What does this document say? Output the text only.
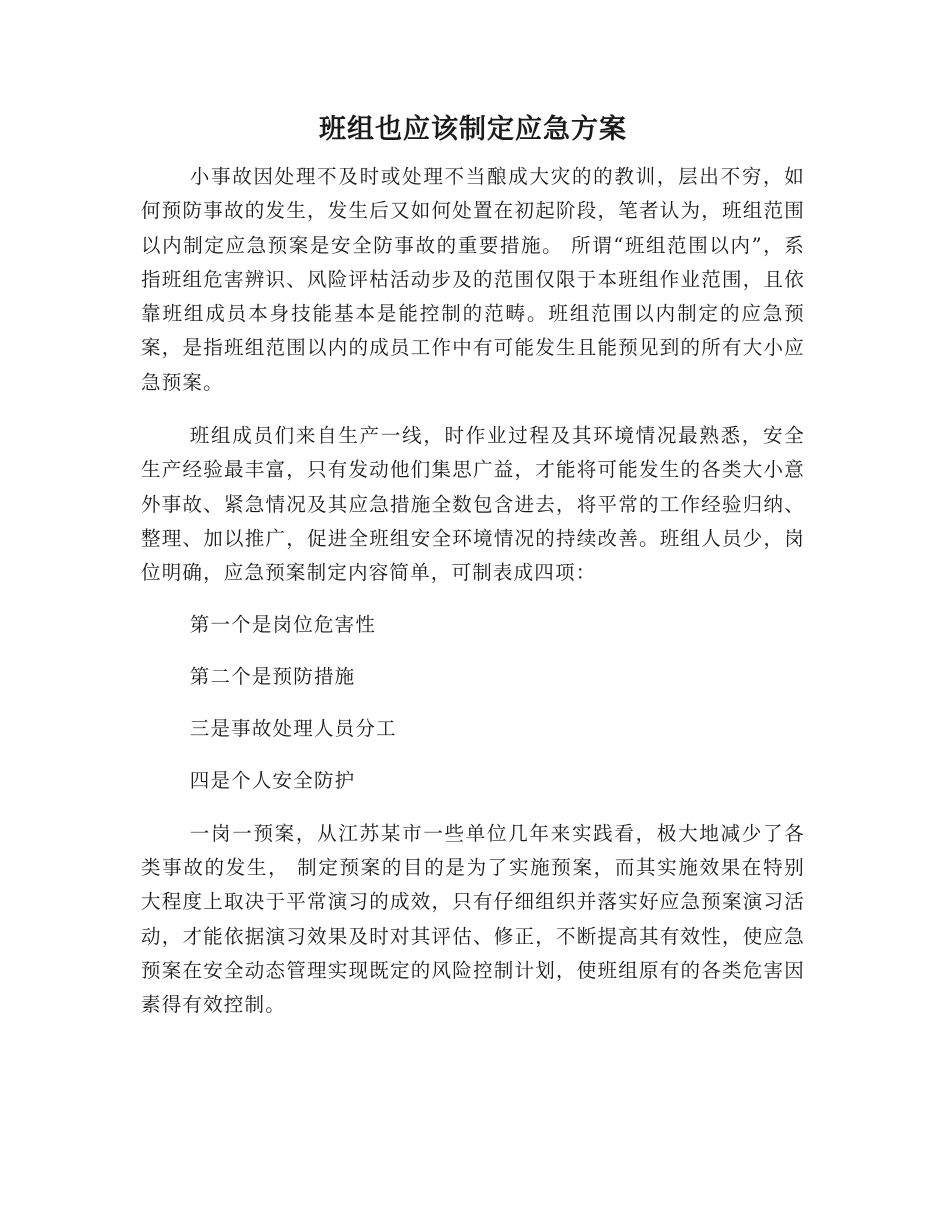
班组也应该制定应急方案

小事故因处理不及时或处理不当酿成大灾的的教训，层出不穷，如何预防事故的发生，发生后又如何处置在初起阶段，笔者认为，班组范围以内制定应急预案是安全防事故的重要措施。 所谓“班组范围以内”，系指班组危害辨识、风险评枯活动步及的范围仅限于本班组作业范围，且依靠班组成员本身技能基本是能控制的范畴。班组范围以内制定的应急预案，是指班组范围以内的成员工作中有可能发生且能预见到的所有大小应急预案。

班组成员们来自生产一线，时作业过程及其环境情况最熟悉，安全生产经验最丰富，只有发动他们集思广益，才能将可能发生的各类大小意外事故、紧急情况及其应急措施全数包含进去，将平常的工作经验归纳、整理、加以推广，促进全班组安全环境情况的持续改善。班组人员少，岗位明确，应急预案制定内容简单，可制表成四项：

第一个是岗位危害性

第二个是预防措施

三是事故处理人员分工

四是个人安全防护

一岗一预案，从江苏某市一些单位几年来实践看，极大地减少了各类事故的发生， 制定预案的目的是为了实施预案，而其实施效果在特别大程度上取决于平常演习的成效，只有仔细组织并落实好应急预案演习活动，才能依据演习效果及时对其评估、修正，不断提高其有效性，使应急预案在安全动态管理实现既定的风险控制计划，使班组原有的各类危害因素得有效控制。
